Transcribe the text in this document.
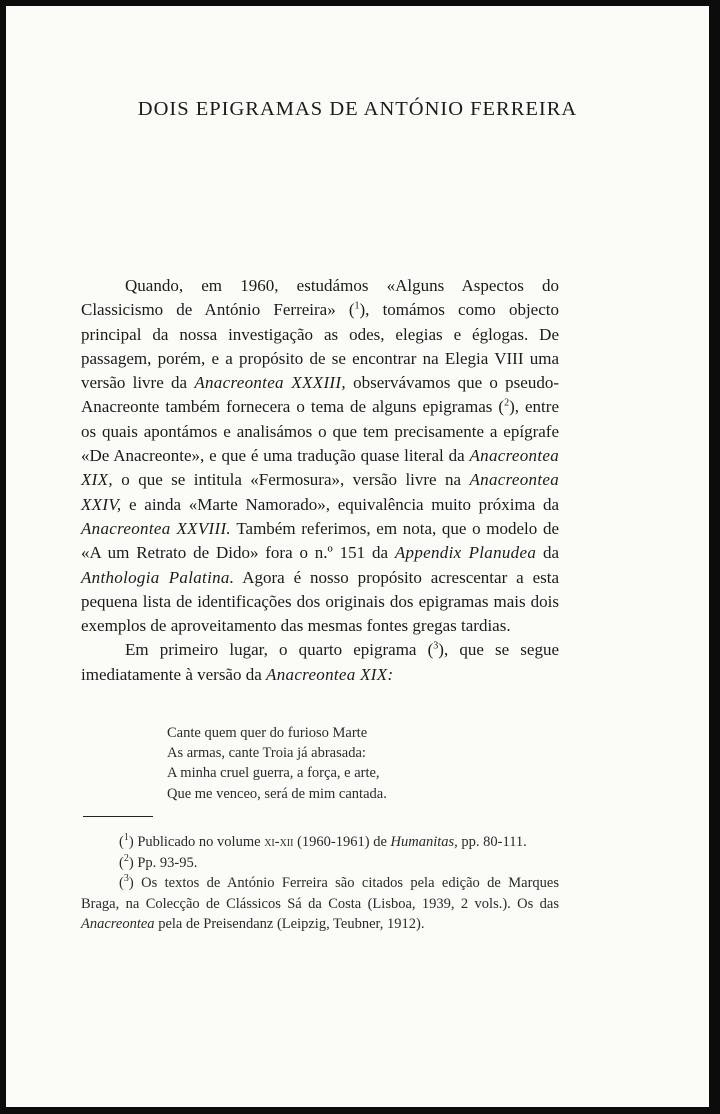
DOIS EPIGRAMAS DE ANTÓNIO FERREIRA

Quando, em 1960, estudámos «Alguns Aspectos do Classicismo de António Ferreira» ($^1$), tomámos como objecto principal da nossa investigação as odes, elegias e églogas. De passagem, porém, e a propósito de se encontrar na Elegia VIII uma versão livre da Anacreontea XXXIII, observávamos que o pseudo-Anacreonte também fornecera o tema de alguns epigramas ($^2$), entre os quais apontámos e analisámos o que tem precisamente a epígrafe «De Anacreonte», e que é uma tradução quase literal da Anacreontea XIX, o que se intitula «Fermosura», versão livre na Anacreontea XXIV, e ainda «Marte Namorado», equivalência muito próxima da Anacreontea XXVIII. Também referimos, em nota, que o modelo de «A um Retrato de Dido» fora o n.º 151 da Appendix Planudea da Anthologia Palatina. Agora é nosso propósito acrescentar a esta pequena lista de identificações dos originais dos epigramas mais dois exemplos de aproveitamento das mesmas fontes gregas tardias.

Em primeiro lugar, o quarto epigrama ($^3$), que se segue imediatamente à versão da Anacreontea XIX:

Cante quem quer do furioso Marte
As armas, cante Troia já abrasada:
A minha cruel guerra, a força, e arte,
Que me venceo, será de mim cantada.

($^1$) Publicado no volume xi-xii (1960-1961) de Humanitas, pp. 80-111.

($^2$) Pp. 93-95.

($^3$) Os textos de António Ferreira são citados pela edição de Marques Braga, na Colecção de Clássicos Sá da Costa (Lisboa, 1939, 2 vols.). Os das Anacreontea pela de Preisendanz (Leipzig, Teubner, 1912).
